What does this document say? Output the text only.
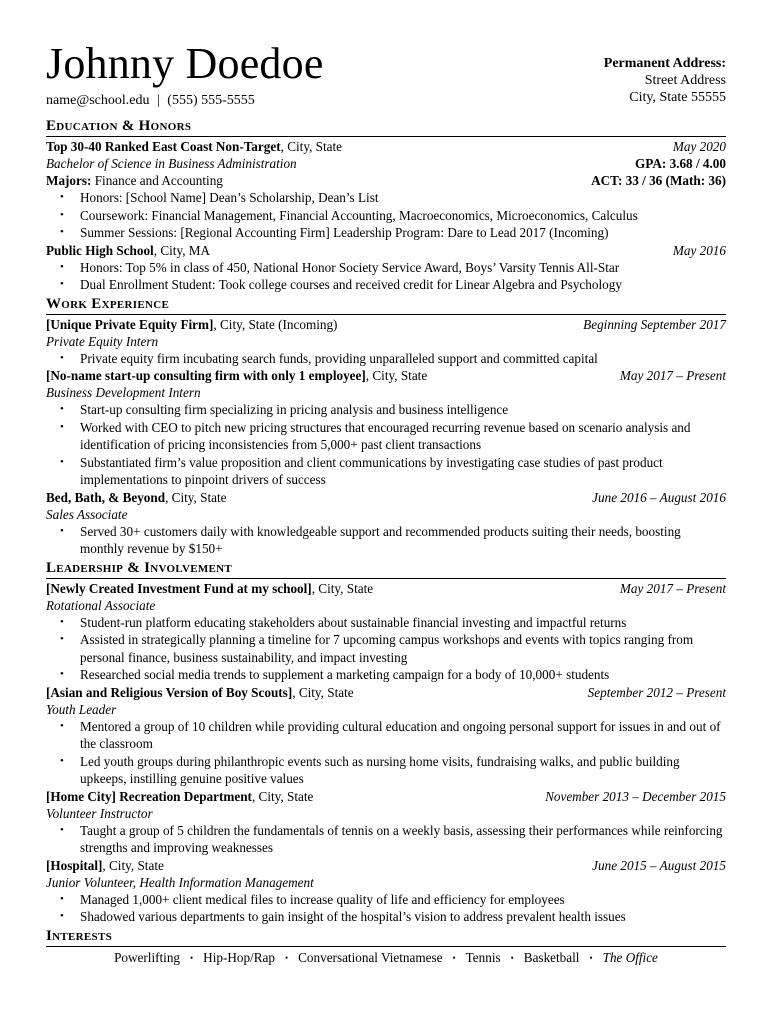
Johnny Doedoe
name@school.edu | (555) 555-5555
Permanent Address:
Street Address
City, State 55555
Education & Honors
Top 30-40 Ranked East Coast Non-Target, City, State	May 2020
Bachelor of Science in Business Administration	GPA: 3.68 / 4.00
Majors: Finance and Accounting	ACT: 33 / 36 (Math: 36)
• Honors: [School Name] Dean’s Scholarship, Dean’s List
• Coursework: Financial Management, Financial Accounting, Macroeconomics, Microeconomics, Calculus
• Summer Sessions: [Regional Accounting Firm] Leadership Program: Dare to Lead 2017 (Incoming)
Public High School, City, MA	May 2016
• Honors: Top 5% in class of 450, National Honor Society Service Award, Boys’ Varsity Tennis All-Star
• Dual Enrollment Student: Took college courses and received credit for Linear Algebra and Psychology
Work Experience
[Unique Private Equity Firm], City, State (Incoming)	Beginning September 2017
Private Equity Intern
• Private equity firm incubating search funds, providing unparalleled support and committed capital
[No-name start-up consulting firm with only 1 employee], City, State	May 2017 – Present
Business Development Intern
• Start-up consulting firm specializing in pricing analysis and business intelligence
• Worked with CEO to pitch new pricing structures that encouraged recurring revenue based on scenario analysis and identification of pricing inconsistencies from 5,000+ past client transactions
• Substantiated firm’s value proposition and client communications by investigating case studies of past product implementations to pinpoint drivers of success
Bed, Bath, & Beyond, City, State	June 2016 – August 2016
Sales Associate
• Served 30+ customers daily with knowledgeable support and recommended products suiting their needs, boosting monthly revenue by $150+
Leadership & Involvement
[Newly Created Investment Fund at my school], City, State	May 2017 – Present
Rotational Associate
• Student-run platform educating stakeholders about sustainable financial investing and impactful returns
• Assisted in strategically planning a timeline for 7 upcoming campus workshops and events with topics ranging from personal finance, business sustainability, and impact investing
• Researched social media trends to supplement a marketing campaign for a body of 10,000+ students
[Asian and Religious Version of Boy Scouts], City, State	September 2012 – Present
Youth Leader
• Mentored a group of 10 children while providing cultural education and ongoing personal support for issues in and out of the classroom
• Led youth groups during philanthropic events such as nursing home visits, fundraising walks, and public building upkeeps, instilling genuine positive values
[Home City] Recreation Department, City, State	November 2013 – December 2015
Volunteer Instructor
• Taught a group of 5 children the fundamentals of tennis on a weekly basis, assessing their performances while reinforcing strengths and improving weaknesses
[Hospital], City, State	June 2015 – August 2015
Junior Volunteer, Health Information Management
• Managed 1,000+ client medical files to increase quality of life and efficiency for employees
• Shadowed various departments to gain insight of the hospital’s vision to address prevalent health issues
Interests
Powerlifting • Hip-Hop/Rap • Conversational Vietnamese • Tennis • Basketball • The Office
